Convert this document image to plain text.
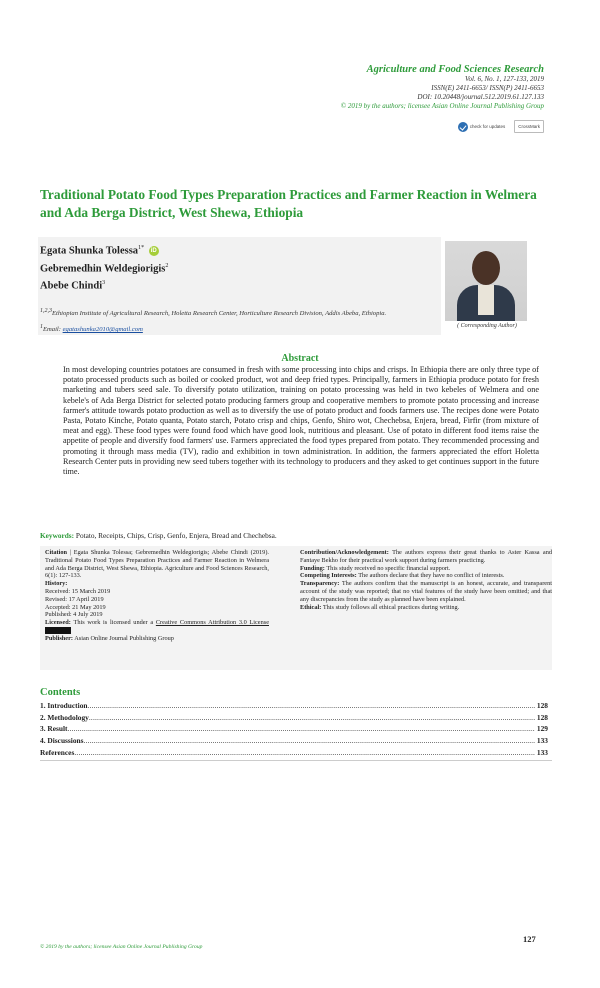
Agriculture and Food Sciences Research
Vol. 6, No. 1, 127-133, 2019
ISSN(E) 2411-6653/ ISSN(P) 2411-6653
DOI: 10.20448/journal.512.2019.61.127.133
© 2019 by the authors; licensee Asian Online Journal Publishing Group
check for updates	CrossMark
Traditional Potato Food Types Preparation Practices and Farmer Reaction in Welmera and Ada Berga District, West Shewa, Ethiopia
Egata Shunka Tolessa$^{1*}$ iD
Gebremedhin Weldegiorigis$^2$
Abebe Chindi$^3$
1,2,3Ethiopian Institute of Agricultural Research, Holetta Research Center, Horticulture Research Division, Addis Abeba, Ethiopia.
1Email: egatashunka2010@gmail.com
( Corresponding Author)
Abstract
In most developing countries potatoes are consumed in fresh with some processing into chips and crisps. In Ethiopia there are only three type of potato processed products such as boiled or cooked product, wot and deep fried types. Principally, farmers in Ethiopia produce potato for fresh marketing and tubers seed sale. To diversify potato utilization, training on potato processing was held in two kebeles of Welmera and one kebele's of Ada Berga District for selected potato producing farmers group and cooperative members to promote potato processing and increase farmer's attitude towards potato production as well as to diversify the use of potato product and foods farmers use. The recipes done were Potato Pasta, Potato Kinche, Potato quanta, Potato starch, Potato crisp and chips, Genfo, Shiro wot, Chechebsa, Enjera, bread, Firfir (from mixture of meat and egg). These food types were found food which have good look, nutritious and pleasant. Use of potato in different food items raise the appetite of people and diversify food farmers' use. Farmers appreciated the food types prepared from potato. They recommended processing and promoting it through mass media (TV), radio and exhibition in town administration. In addition, the farmers appreciated the effort Holetta Research Center puts in providing new seed tubers together with its technology to producers and they asked to get continues support in the future time.
Keywords: Potato, Receipts, Chips, Crisp, Genfo, Enjera, Bread and Chechebsa.
Citation | Egata Shunka Tolessa; Gebremedhin Weldegiorigis; Abebe Chindi (2019). Traditional Potato Food Types Preparation Practices and Farmer Reaction in Welmera and Ada Berga District, West Shewa, Ethiopia. Agriculture and Food Sciences Research, 6(1): 127-133.
History:
Received: 15 March 2019
Revised: 17 April 2019
Accepted: 21 May 2019
Published: 4 July 2019
Licensed: This work is licensed under a Creative Commons Attribution 3.0 License
Publisher: Asian Online Journal Publishing Group
Contribution/Acknowledgement: The authors express their great thanks to Aster Kassa and Fantaye Bekho for their practical work support during farmers practicing.
Funding: This study received no specific financial support.
Competing Interests: The authors declare that they have no conflict of interests.
Transparency: The authors confirm that the manuscript is an honest, accurate, and transparent account of the study was reported; that no vital features of the study have been omitted; and that any discrepancies from the study as planned have been explained.
Ethical: This study follows all ethical practices during writing.
Contents
1. Introduction .....	128
2. Methodology .....	128
3. Result .....	129
4. Discussions .....	133
References .....	133
127
© 2019 by the authors; licensee Asian Online Journal Publishing Group
